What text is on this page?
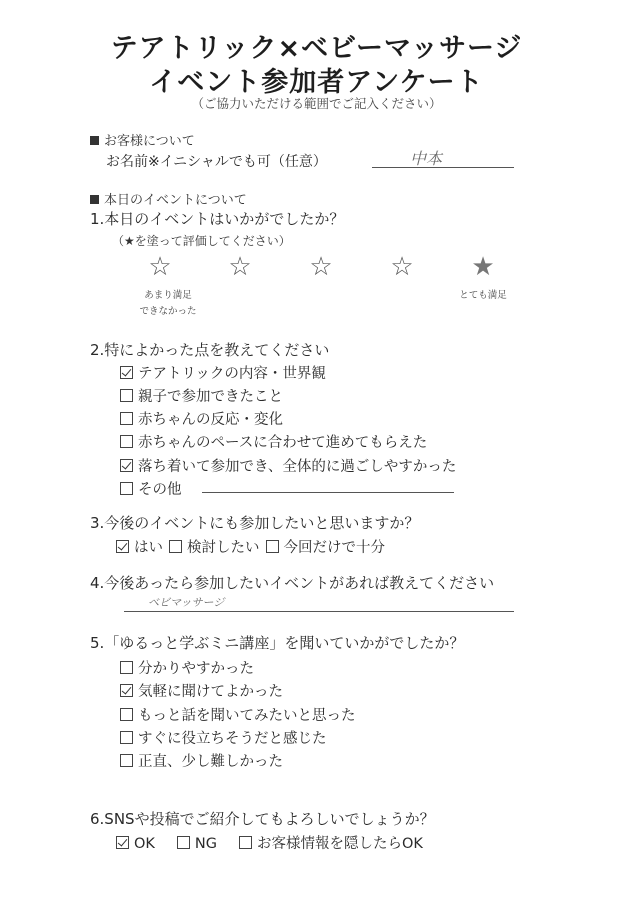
テアトリック×ベビーマッサージ
イベント参加者アンケート
（ご協力いただける範囲でご記入ください）
お客様について
お名前※イニシャルでも可（任意）	中本
本日のイベントについて
1.本日のイベントはいかがでしたか？
（★を塗って評価してください）
☆	☆	☆	☆	★
あまり満足
できなかった
とても満足
2.特によかった点を教えてください
テアトリックの内容・世界観
親子で参加できたこと
赤ちゃんの反応・変化
赤ちゃんのペースに合わせて進めてもらえた
落ち着いて参加でき、全体的に過ごしやすかった
その他
3.今後のイベントにも参加したいと思いますか？
はい 検討したい 今回だけで十分
4.今後あったら参加したいイベントがあれば教えてください
ベビマッサージ
5.「ゆるっと学ぶミニ講座」を聞いていかがでしたか？
分かりやすかった
気軽に聞けてよかった
もっと話を聞いてみたいと思った
すぐに役立ちそうだと感じた
正直、少し難しかった
6.SNSや投稿でご紹介してもよろしいでしょうか？
OK	NG	お客様情報を隠したらOK
